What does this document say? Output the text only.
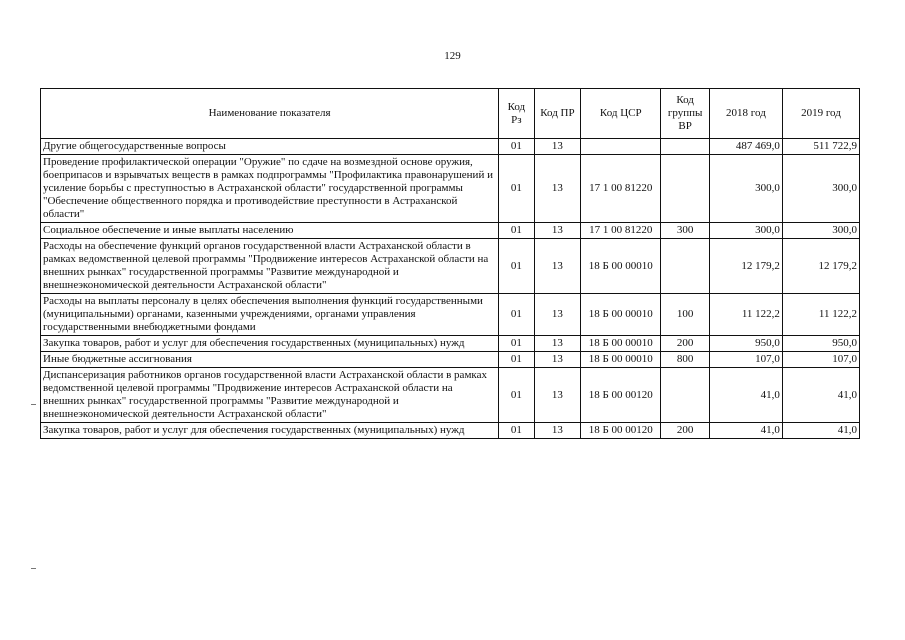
129
Наименование показателя	Код Рз	Код ПР	Код ЦСР	Код группы ВР	2018 год	2019 год
Другие общегосударственные вопросы	01	13			487 469,0	511 722,9
Проведение профилактической операции "Оружие" по сдаче на возмездной основе оружия, боеприпасов и взрывчатых веществ в рамках подпрограммы "Профилактика правонарушений и усиление борьбы с преступностью в Астраханской области" государственной программы "Обеспечение общественного порядка и противодействие преступности в Астраханской области"	01	13	17 1 00 81220		300,0	300,0
Социальное обеспечение и иные выплаты населению	01	13	17 1 00 81220	300	300,0	300,0
Расходы на обеспечение функций органов государственной власти Астраханской области в рамках ведомственной целевой программы "Продвижение интересов Астраханской области на внешних рынках" государственной программы "Развитие международной и внешнеэкономической деятельности Астраханской области"	01	13	18 Б 00 00010		12 179,2	12 179,2
Расходы на выплаты персоналу в целях обеспечения выполнения функций государственными (муниципальными) органами, казенными учреждениями, органами управления государственными внебюджетными фондами	01	13	18 Б 00 00010	100	11 122,2	11 122,2
Закупка товаров, работ и услуг для обеспечения государственных (муниципальных) нужд	01	13	18 Б 00 00010	200	950,0	950,0
Иные бюджетные ассигнования	01	13	18 Б 00 00010	800	107,0	107,0
Диспансеризация работников органов государственной власти Астраханской области в рамках ведомственной целевой программы "Продвижение интересов Астраханской области на внешних рынках" государственной программы "Развитие международной и внешнеэкономической деятельности Астраханской области"	01	13	18 Б 00 00120		41,0	41,0
Закупка товаров, работ и услуг для обеспечения государственных (муниципальных) нужд	01	13	18 Б 00 00120	200	41,0	41,0
